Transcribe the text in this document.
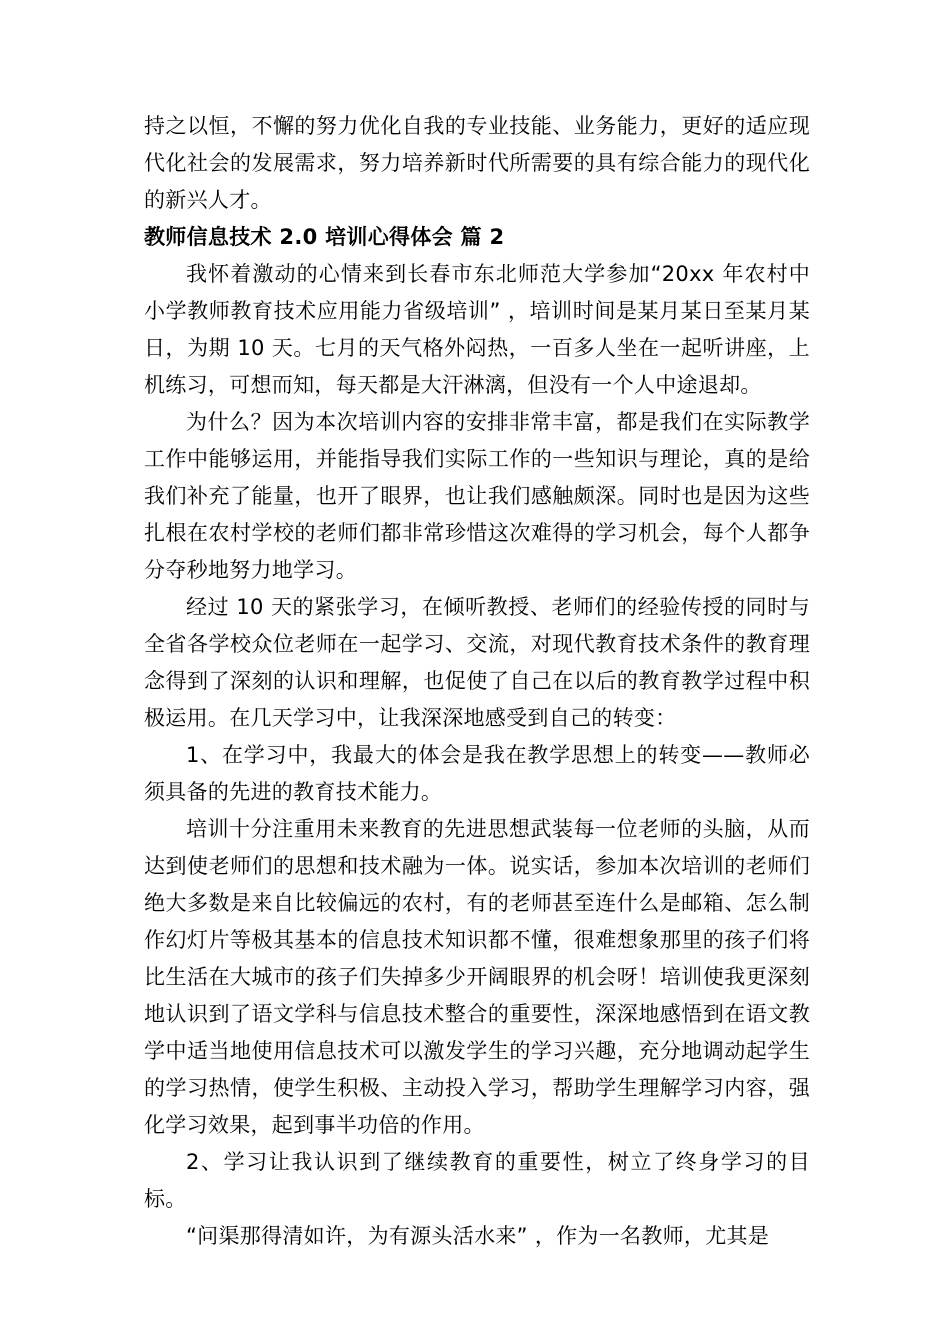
持之以恒，不懈的努力优化自我的专业技能、业务能力，更好的适应现代化社会的发展需求，努力培养新时代所需要的具有综合能力的现代化的新兴人才。

教师信息技术 2.0 培训心得体会 篇 2

我怀着激动的心情来到长春市东北师范大学参加“20xx 年农村中小学教师教育技术应用能力省级培训” ，培训时间是某月某日至某月某日，为期 10 天。七月的天气格外闷热，一百多人坐在一起听讲座，上机练习，可想而知，每天都是大汗淋漓，但没有一个人中途退却。

为什么？因为本次培训内容的安排非常丰富，都是我们在实际教学工作中能够运用，并能指导我们实际工作的一些知识与理论，真的是给我们补充了能量，也开了眼界，也让我们感触颇深。同时也是因为这些扎根在农村学校的老师们都非常珍惜这次难得的学习机会，每个人都争分夺秒地努力地学习。

经过 10 天的紧张学习，在倾听教授、老师们的经验传授的同时与全省各学校众位老师在一起学习、交流，对现代教育技术条件的教育理念得到了深刻的认识和理解，也促使了自己在以后的教育教学过程中积极运用。在几天学习中，让我深深地感受到自己的转变：

1、在学习中，我最大的体会是我在教学思想上的转变——教师必须具备的先进的教育技术能力。

培训十分注重用未来教育的先进思想武装每一位老师的头脑，从而达到使老师们的思想和技术融为一体。说实话，参加本次培训的老师们绝大多数是来自比较偏远的农村，有的老师甚至连什么是邮箱、怎么制作幻灯片等极其基本的信息技术知识都不懂，很难想象那里的孩子们将比生活在大城市的孩子们失掉多少开阔眼界的机会呀！培训使我更深刻地认识到了语文学科与信息技术整合的重要性，深深地感悟到在语文教学中适当地使用信息技术可以激发学生的学习兴趣，充分地调动起学生的学习热情，使学生积极、主动投入学习，帮助学生理解学习内容，强化学习效果，起到事半功倍的作用。

2、学习让我认识到了继续教育的重要性，树立了终身学习的目标。

“问渠那得清如许，为有源头活水来” ，作为一名教师，尤其是
